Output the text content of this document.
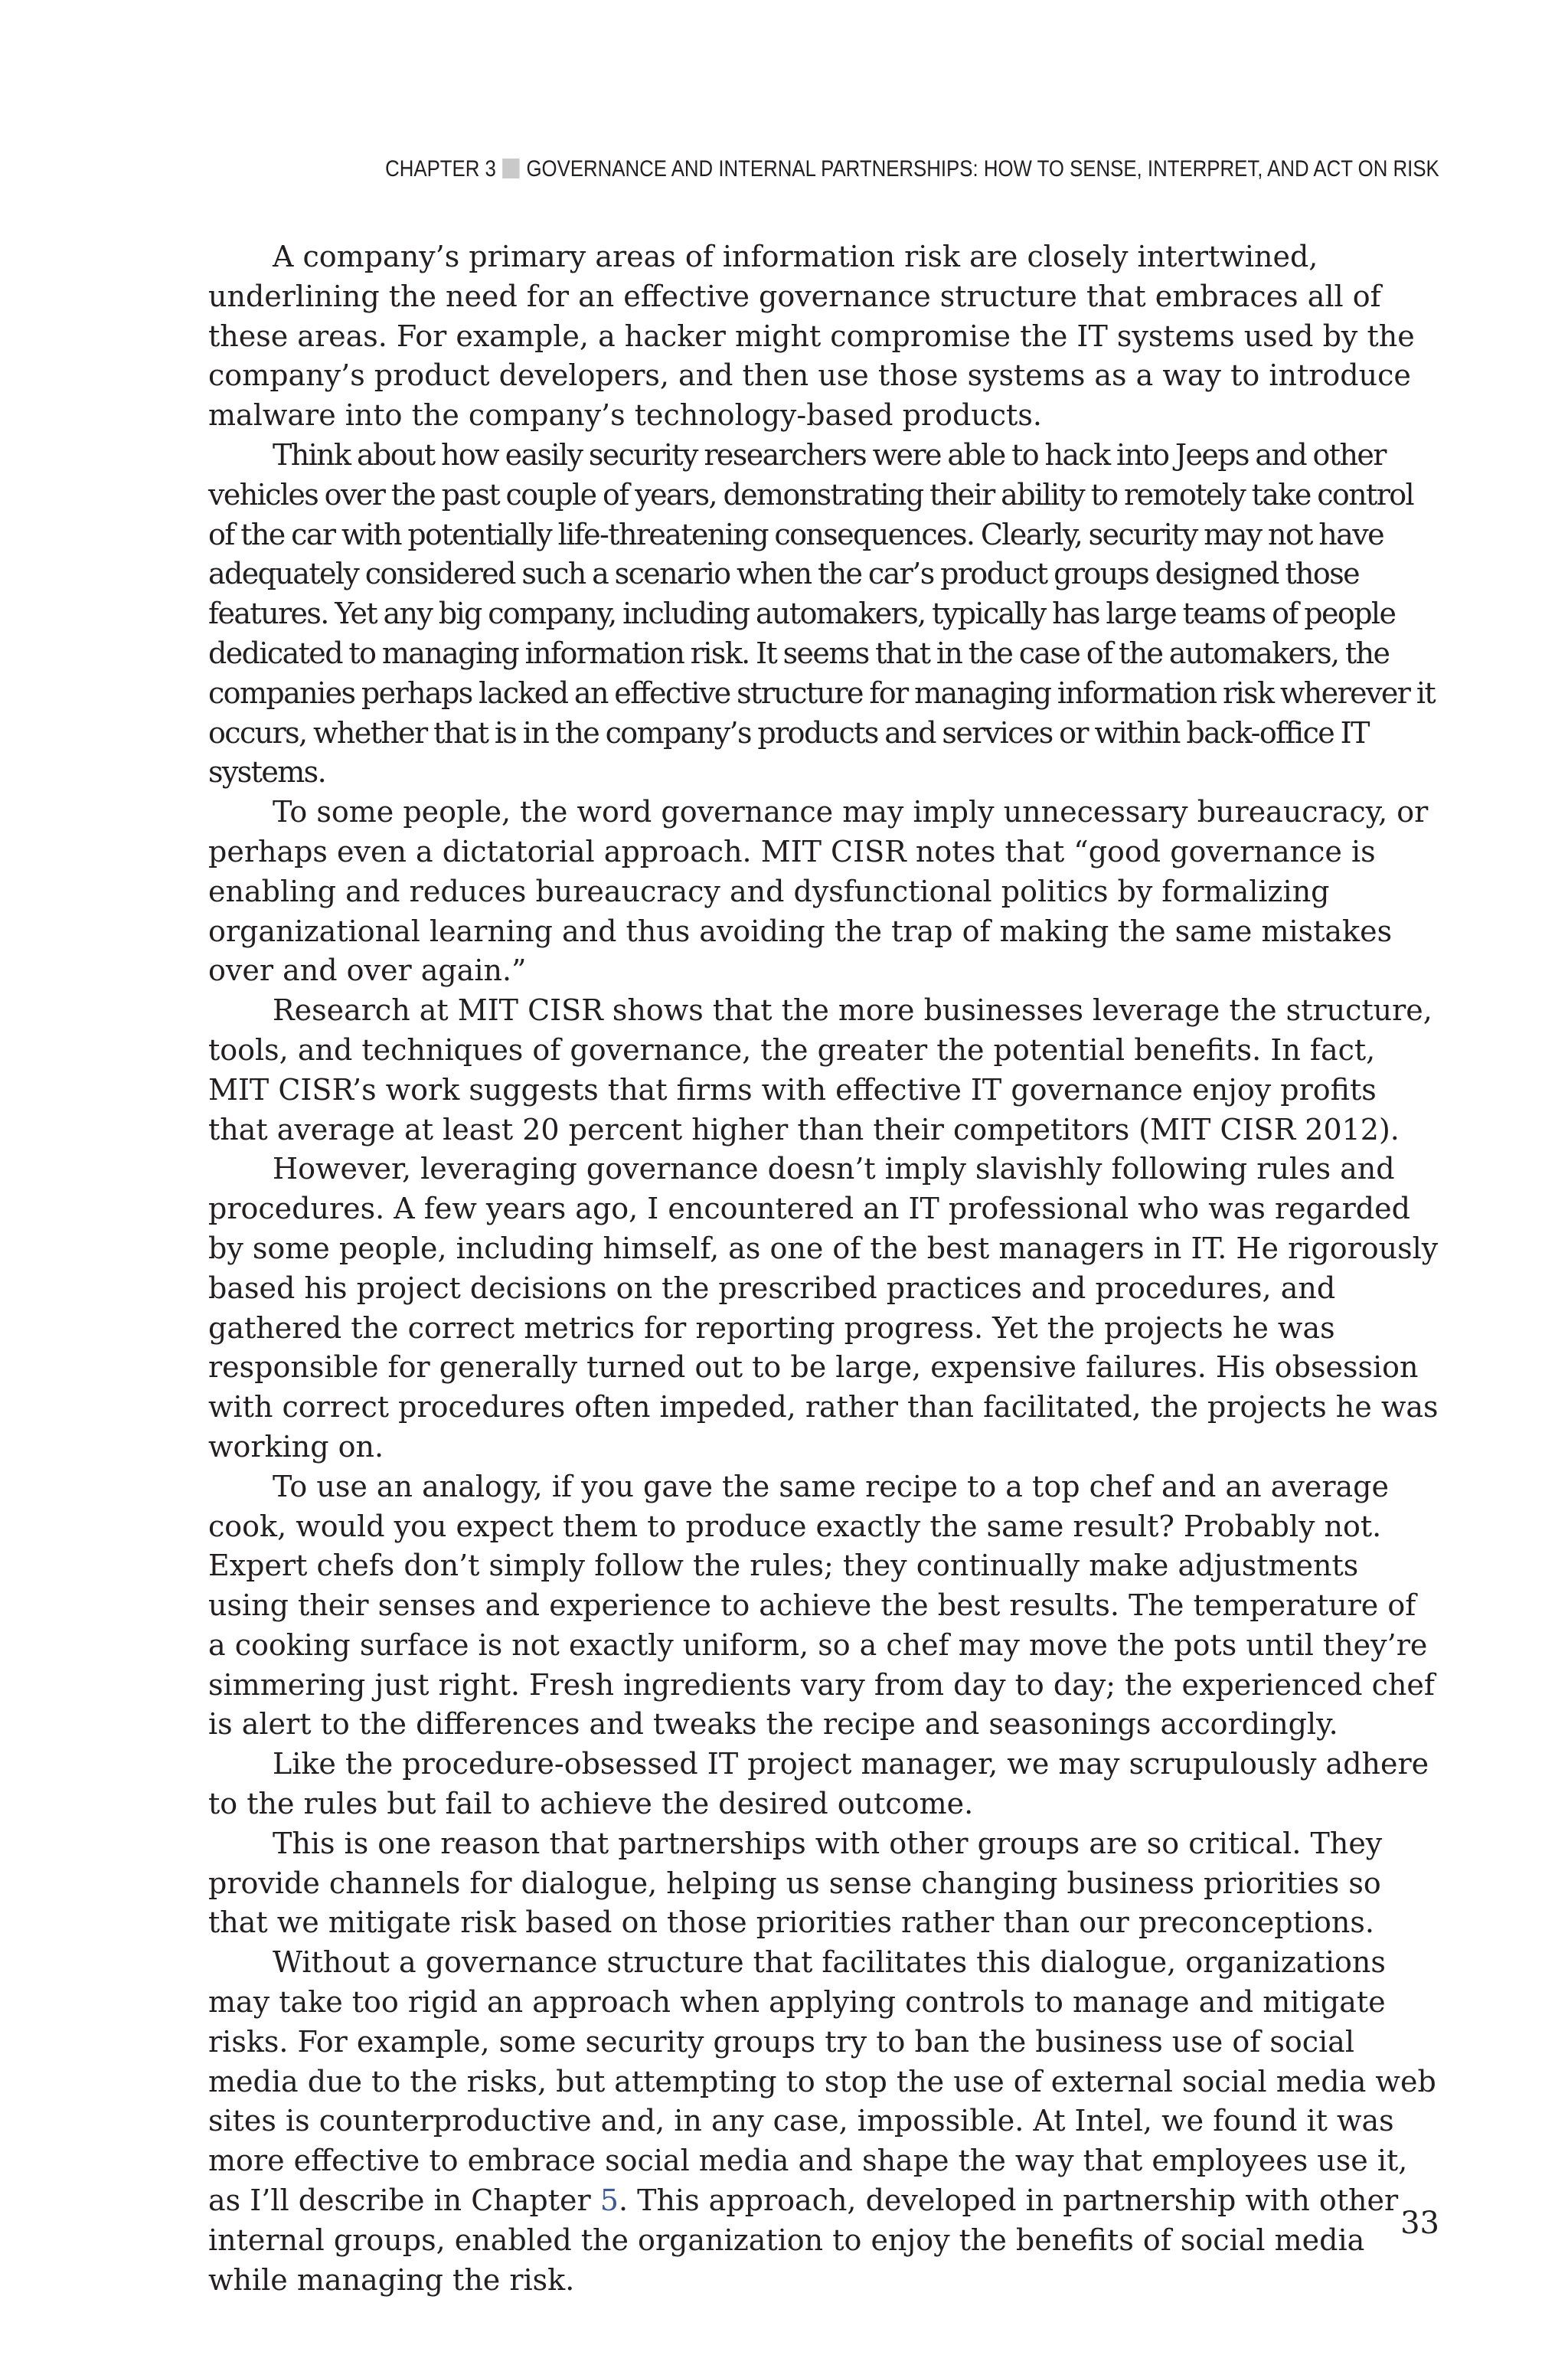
CHAPTER 3 GOVERNANCE AND INTERNAL PARTNERSHIPS: HOW TO SENSE, INTERPRET, AND ACT ON RISK

A company’s primary areas of information risk are closely intertwined, underlining the need for an effective governance structure that embraces all of these areas. For example, a hacker might compromise the IT systems used by the company’s product developers, and then use those systems as a way to introduce malware into the company’s technology-based products.

Think about how easily security researchers were able to hack into Jeeps and other vehicles over the past couple of years, demonstrating their ability to remotely take control of the car with potentially life-threatening consequences. Clearly, security may not have adequately considered such a scenario when the car’s product groups designed those features. Yet any big company, including automakers, typically has large teams of people dedicated to managing information risk. It seems that in the case of the automakers, the companies perhaps lacked an effective structure for managing information risk wherever it occurs, whether that is in the company’s products and services or within back-office IT systems.

To some people, the word governance may imply unnecessary bureaucracy, or perhaps even a dictatorial approach. MIT CISR notes that “good governance is enabling and reduces bureaucracy and dysfunctional politics by formalizing organizational learning and thus avoiding the trap of making the same mistakes over and over again.”

Research at MIT CISR shows that the more businesses leverage the structure, tools, and techniques of governance, the greater the potential benefits. In fact, MIT CISR’s work suggests that firms with effective IT governance enjoy profits that average at least 20 percent higher than their competitors (MIT CISR 2012).

However, leveraging governance doesn’t imply slavishly following rules and procedures. A few years ago, I encountered an IT professional who was regarded by some people, including himself, as one of the best managers in IT. He rigorously based his project decisions on the prescribed practices and procedures, and gathered the correct metrics for reporting progress. Yet the projects he was responsible for generally turned out to be large, expensive failures. His obsession with correct procedures often impeded, rather than facilitated, the projects he was working on.

To use an analogy, if you gave the same recipe to a top chef and an average cook, would you expect them to produce exactly the same result? Probably not. Expert chefs don’t simply follow the rules; they continually make adjustments using their senses and experience to achieve the best results. The temperature of a cooking surface is not exactly uniform, so a chef may move the pots until they’re simmering just right. Fresh ingredients vary from day to day; the experienced chef is alert to the differences and tweaks the recipe and seasonings accordingly.

Like the procedure-obsessed IT project manager, we may scrupulously adhere to the rules but fail to achieve the desired outcome.

This is one reason that partnerships with other groups are so critical. They provide channels for dialogue, helping us sense changing business priorities so that we mitigate risk based on those priorities rather than our preconceptions.

Without a governance structure that facilitates this dialogue, organizations may take too rigid an approach when applying controls to manage and mitigate risks. For example, some security groups try to ban the business use of social media due to the risks, but attempting to stop the use of external social media web sites is counterproductive and, in any case, impossible. At Intel, we found it was more effective to embrace social media and shape the way that employees use it, as I’ll describe in Chapter 5. This approach, developed in partnership with other internal groups, enabled the organization to enjoy the benefits of social media while managing the risk.

33
